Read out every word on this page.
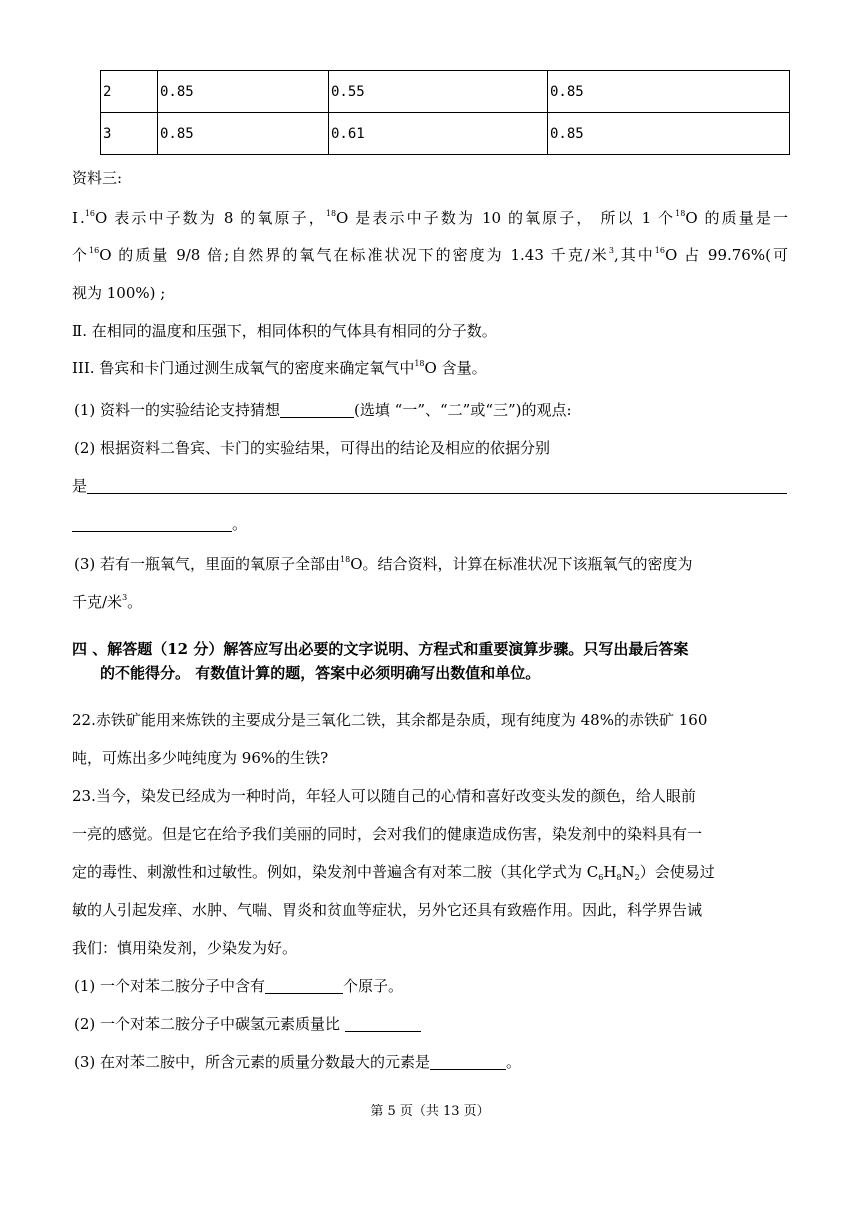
2	0.85	0.55	0.85
3	0.85	0.61	0.85
资料三:
Ⅰ.$^{16}$O 表示中子数为 8 的氧原子，$^{18}$O 是表示中子数为 10 的氧原子， 所以 1 个$^{18}$O 的质量是一
个$^{16}$O 的质量 9/8 倍;自然界的氧气在标准状况下的密度为 1.43 千克/米$^3$,其中$^{16}$O 占 99.76%(可
视为 100%) ;
Ⅱ. 在相同的温度和压强下，相同体积的气体具有相同的分子数。
III. 鲁宾和卡门通过测生成氧气的密度来确定氧气中$^{18}$O 含量。
(1) 资料一的实验结论支持猜想	(选填 “一”、“二”或“三”)的观点:
(2) 根据资料二鲁宾、卡门的实验结果，可得出的结论及相应的依据分别
是
。
(3) 若有一瓶氧气，里面的氧原子全部由$^{18}$O。结合资料，计算在标准状况下该瓶氧气的密度为
千克/米$^3$。
四 、解答题（12 分）解答应写出必要的文字说明、方程式和重要演算步骤。只写出最后答案
的不能得分。 有数值计算的题，答案中必须明确写出数值和单位。
22.赤铁矿能用来炼铁的主要成分是三氧化二铁，其余都是杂质，现有纯度为 48%的赤铁矿 160
吨，可炼出多少吨纯度为 96%的生铁?
23.当今，染发已经成为一种时尚，年轻人可以随自己的心情和喜好改变头发的颜色，给人眼前
一亮的感觉。但是它在给予我们美丽的同时，会对我们的健康造成伤害，染发剂中的染料具有一
定的毒性、刺激性和过敏性。例如，染发剂中普遍含有对苯二胺（其化学式为 $C_6H_8N_2$）会使易过
敏的人引起发痒、水肿、气喘、胃炎和贫血等症状，另外它还具有致癌作用。因此，科学界告诫
我们：慎用染发剂，少染发为好。
(1) 一个对苯二胺分子中含有	个原子。
(2) 一个对苯二胺分子中碳氢元素质量比
(3) 在对苯二胺中，所含元素的质量分数最大的元素是	。
第 5 页（共 13 页）
